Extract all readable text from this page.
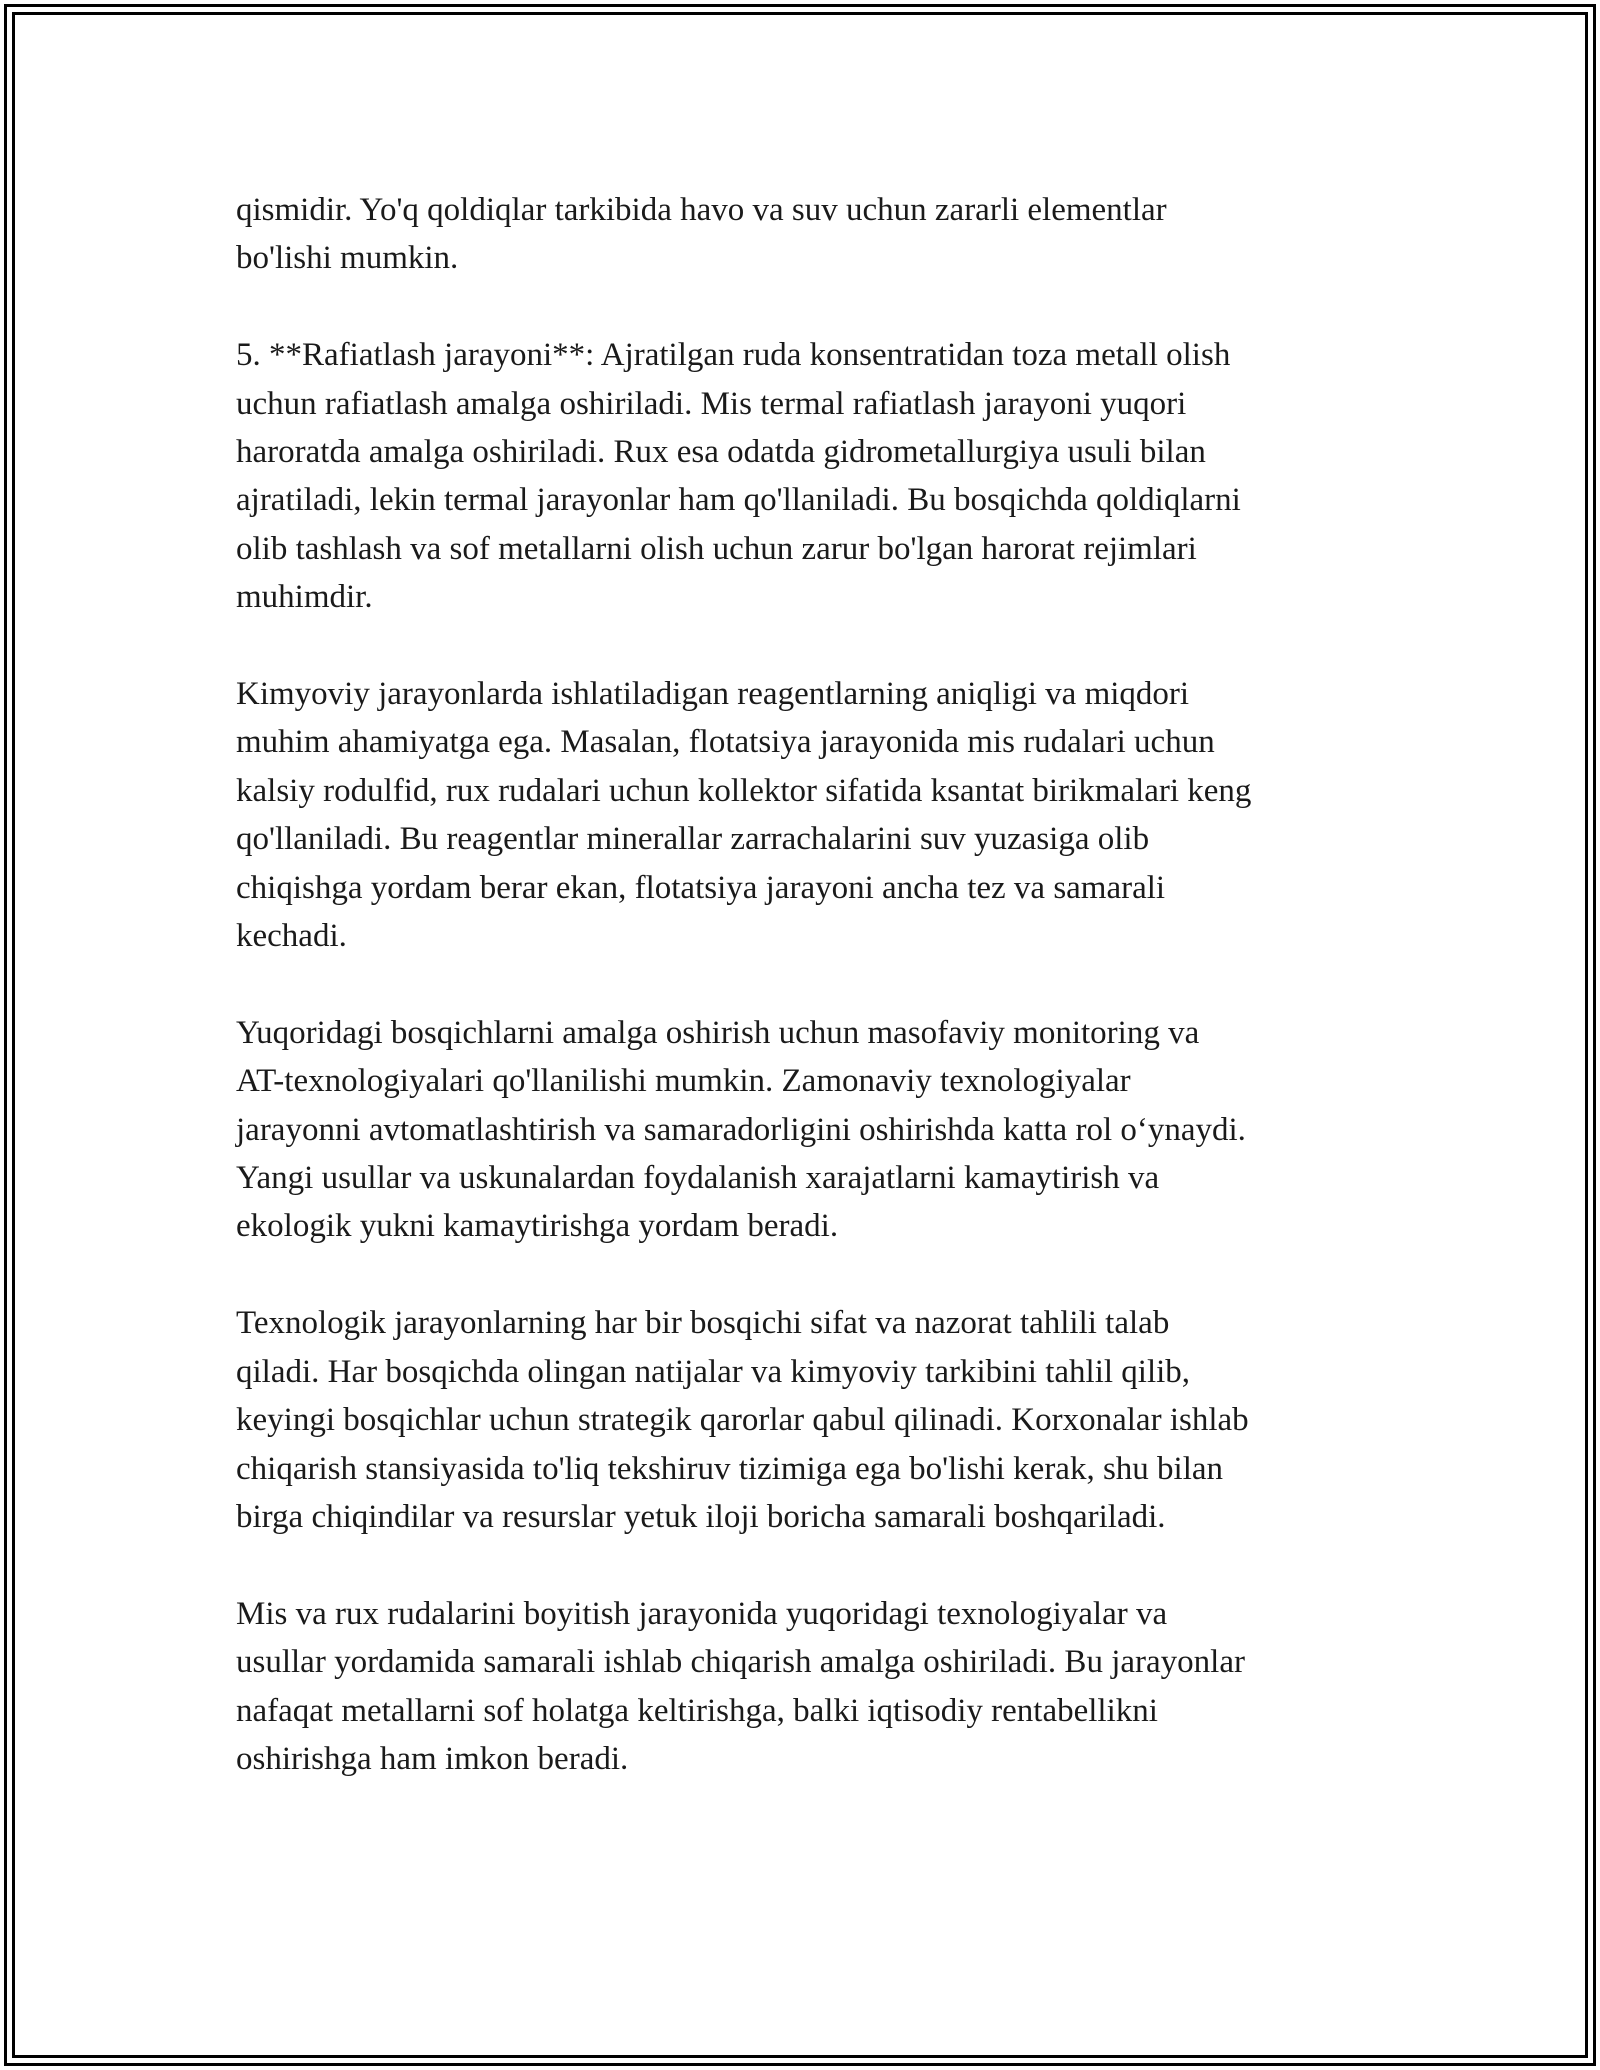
qismidir. Yo'q qoldiqlar tarkibida havo va suv uchun zararli elementlar
bo'lishi mumkin.

5. **Rafiatlash jarayoni**: Ajratilgan ruda konsentratidan toza metall olish
uchun rafiatlash amalga oshiriladi. Mis termal rafiatlash jarayoni yuqori
haroratda amalga oshiriladi. Rux esa odatda gidrometallurgiya usuli bilan
ajratiladi, lekin termal jarayonlar ham qo'llaniladi. Bu bosqichda qoldiqlarni
olib tashlash va sof metallarni olish uchun zarur bo'lgan harorat rejimlari
muhimdir.

Kimyoviy jarayonlarda ishlatiladigan reagentlarning aniqligi va miqdori
muhim ahamiyatga ega. Masalan, flotatsiya jarayonida mis rudalari uchun
kalsiy rodulfid, rux rudalari uchun kollektor sifatida ksantat birikmalari keng
qo'llaniladi. Bu reagentlar minerallar zarrachalarini suv yuzasiga olib
chiqishga yordam berar ekan, flotatsiya jarayoni ancha tez va samarali
kechadi.

Yuqoridagi bosqichlarni amalga oshirish uchun masofaviy monitoring va
AT-texnologiyalari qo'llanilishi mumkin. Zamonaviy texnologiyalar
jarayonni avtomatlashtirish va samaradorligini oshirishda katta rol o‘ynaydi.
Yangi usullar va uskunalardan foydalanish xarajatlarni kamaytirish va
ekologik yukni kamaytirishga yordam beradi.

Texnologik jarayonlarning har bir bosqichi sifat va nazorat tahlili talab
qiladi. Har bosqichda olingan natijalar va kimyoviy tarkibini tahlil qilib,
keyingi bosqichlar uchun strategik qarorlar qabul qilinadi. Korxonalar ishlab
chiqarish stansiyasida to'liq tekshiruv tizimiga ega bo'lishi kerak, shu bilan
birga chiqindilar va resurslar yetuk iloji boricha samarali boshqariladi.

Mis va rux rudalarini boyitish jarayonida yuqoridagi texnologiyalar va
usullar yordamida samarali ishlab chiqarish amalga oshiriladi. Bu jarayonlar
nafaqat metallarni sof holatga keltirishga, balki iqtisodiy rentabellikni
oshirishga ham imkon beradi.
